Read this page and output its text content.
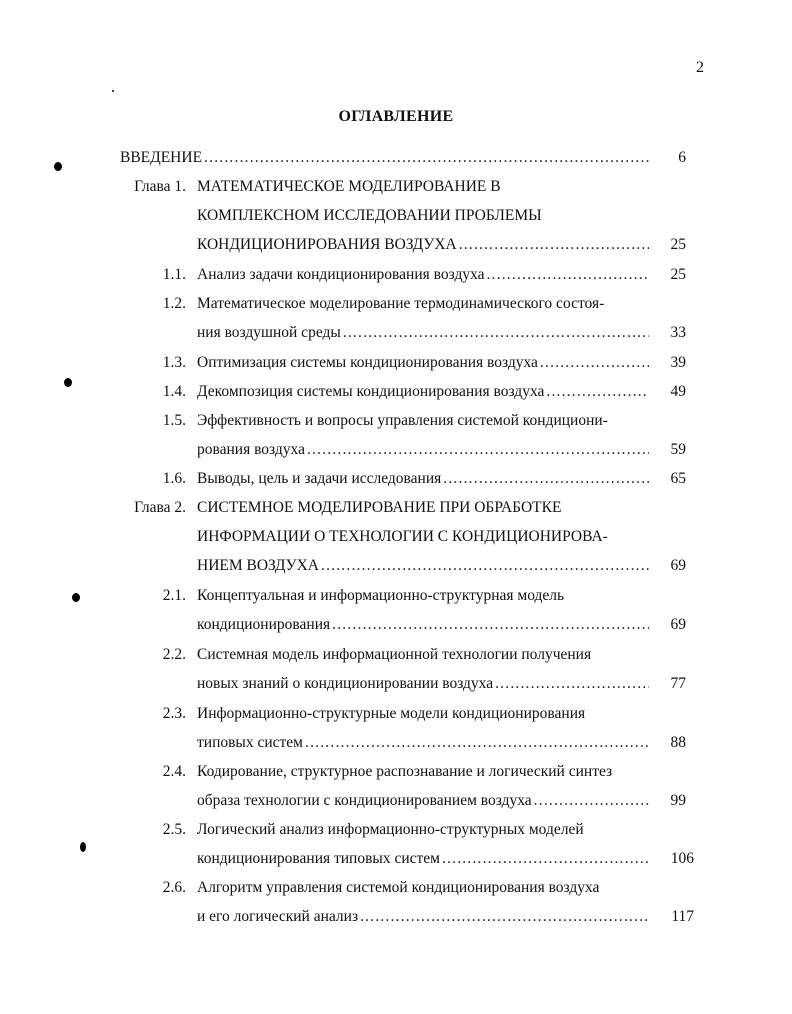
2
ОГЛАВЛЕНИЕ
ВВЕДЕНИЕ .....	6
Глава 1. МАТЕМАТИЧЕСКОЕ МОДЕЛИРОВАНИЕ В
КОМПЛЕКСНОМ ИССЛЕДОВАНИИ ПРОБЛЕМЫ
КОНДИЦИОНИРОВАНИЯ ВОЗДУХА .....	25
1.1. Анализ задачи кондиционирования воздуха .....	25
1.2. Математическое моделирование термодинамического состоя-
ния воздушной среды .....	33
1.3. Оптимизация системы кондиционирования воздуха .....	39
1.4. Декомпозиция системы кондиционирования воздуха .....	49
1.5. Эффективность и вопросы управления системой кондициони-
рования воздуха .....	59
1.6. Выводы, цель и задачи исследования .....	65
Глава 2. СИСТЕМНОЕ МОДЕЛИРОВАНИЕ ПРИ ОБРАБОТКЕ
ИНФОРМАЦИИ О ТЕХНОЛОГИИ С КОНДИЦИОНИРОВА-
НИЕМ ВОЗДУХА .....	69
2.1. Концептуальная и информационно-структурная модель
кондиционирования .....	69
2.2. Системная модель информационной технологии получения
новых знаний о кондиционировании воздуха .....	77
2.3. Информационно-структурные модели кондиционирования
типовых систем .....	88
2.4. Кодирование, структурное распознавание и логический синтез
образа технологии с кондиционированием воздуха .....	99
2.5. Логический анализ информационно-структурных моделей
кондиционирования типовых систем .....	106
2.6. Алгоритм управления системой кондиционирования воздуха
и его логический анализ .....	117
